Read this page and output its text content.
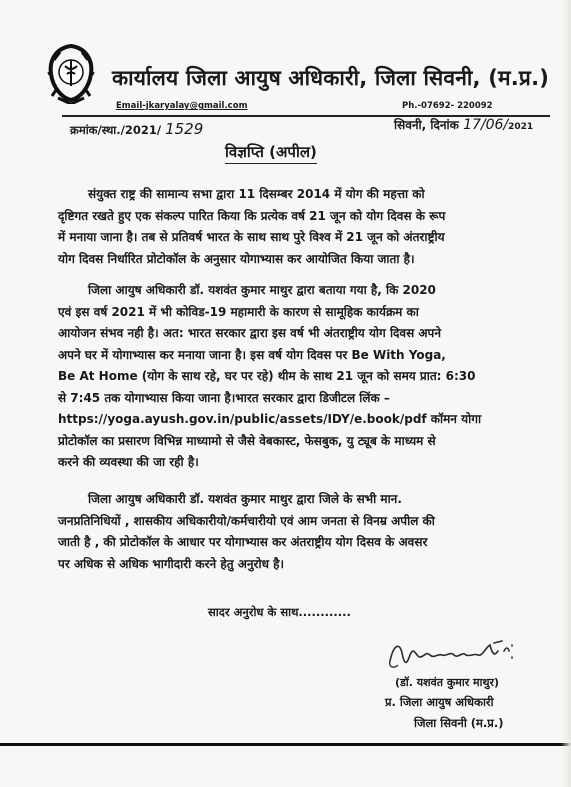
कार्यालय जिला आयुष अधिकारी, जिला सिवनी, (म.प्र.)
Email-jkaryalay@gmail.com	Ph.-07692- 220092
क्रमांक/स्था./2021/ 1529	सिवनी, दिनांक 17/06/2021
विज्ञप्ति (अपील)
संयुक्त राष्ट्र की सामान्य सभा द्वारा 11 दिसम्बर 2014 में योग की महत्ता को
दृष्टिगत रखते हुए एक संकल्प पारित किया कि प्रत्येक वर्ष 21 जून को योग दिवस के रूप
में मनाया जाना है। तब से प्रतिवर्ष भारत के साथ साथ पुरे विश्व में 21 जून को अंतराष्ट्रीय
योग दिवस निर्धारित प्रोटोकॉल के अनुसार योगाभ्यास कर आयोजित किया जाता है।
जिला आयुष अधिकारी डॉ. यशवंत कुमार माथुर द्वारा बताया गया है, कि 2020
एवं इस वर्ष 2021 में भी कोविड-19 महामारी के कारण से सामूहिक कार्यक्रम का
आयोजन संभव नही है। अत: भारत सरकार द्वारा इस वर्ष भी अंतराष्ट्रीय योग दिवस अपने
अपने घर में योगाभ्यास कर मनाया जाना है। इस वर्ष योग दिवस पर Be With Yoga,
Be At Home (योग के साथ रहे, घर पर रहे) थीम के साथ 21 जून को समय प्रात: 6:30
से 7:45 तक योगाभ्यास किया जाना है।भारत सरकार द्वारा डिजीटल लिंक –
https://yoga.ayush.gov.in/public/assets/IDY/e.book/pdf कॉमन योगा
प्रोटोकॉल का प्रसारण विभिन्न माध्यामो से जैसे वेबकास्ट, फेसबुक, यु ट्यूब के माध्यम से
करने की व्यवस्था की जा रही है।
जिला आयुष अधिकारी डॉ. यशवंत कुमार माथुर द्वारा जिले के सभी मान.
जनप्रतिनिधियों , शासकीय अधिकारीयो/कर्मचारीयो एवं आम जनता से विनम्र अपील की
जाती है , की प्रोटोकॉल के आधार पर योगाभ्यास कर अंतराष्ट्रीय योग दिसव के अवसर
पर अधिक से अधिक भागीदारी करने हेतु अनुरोध है।
सादर अनुरोध के साथ............
(डॉ. यशवंत कुमार माथुर)
प्र. जिला आयुष अधिकारी
जिला सिवनी (म.प्र.)
